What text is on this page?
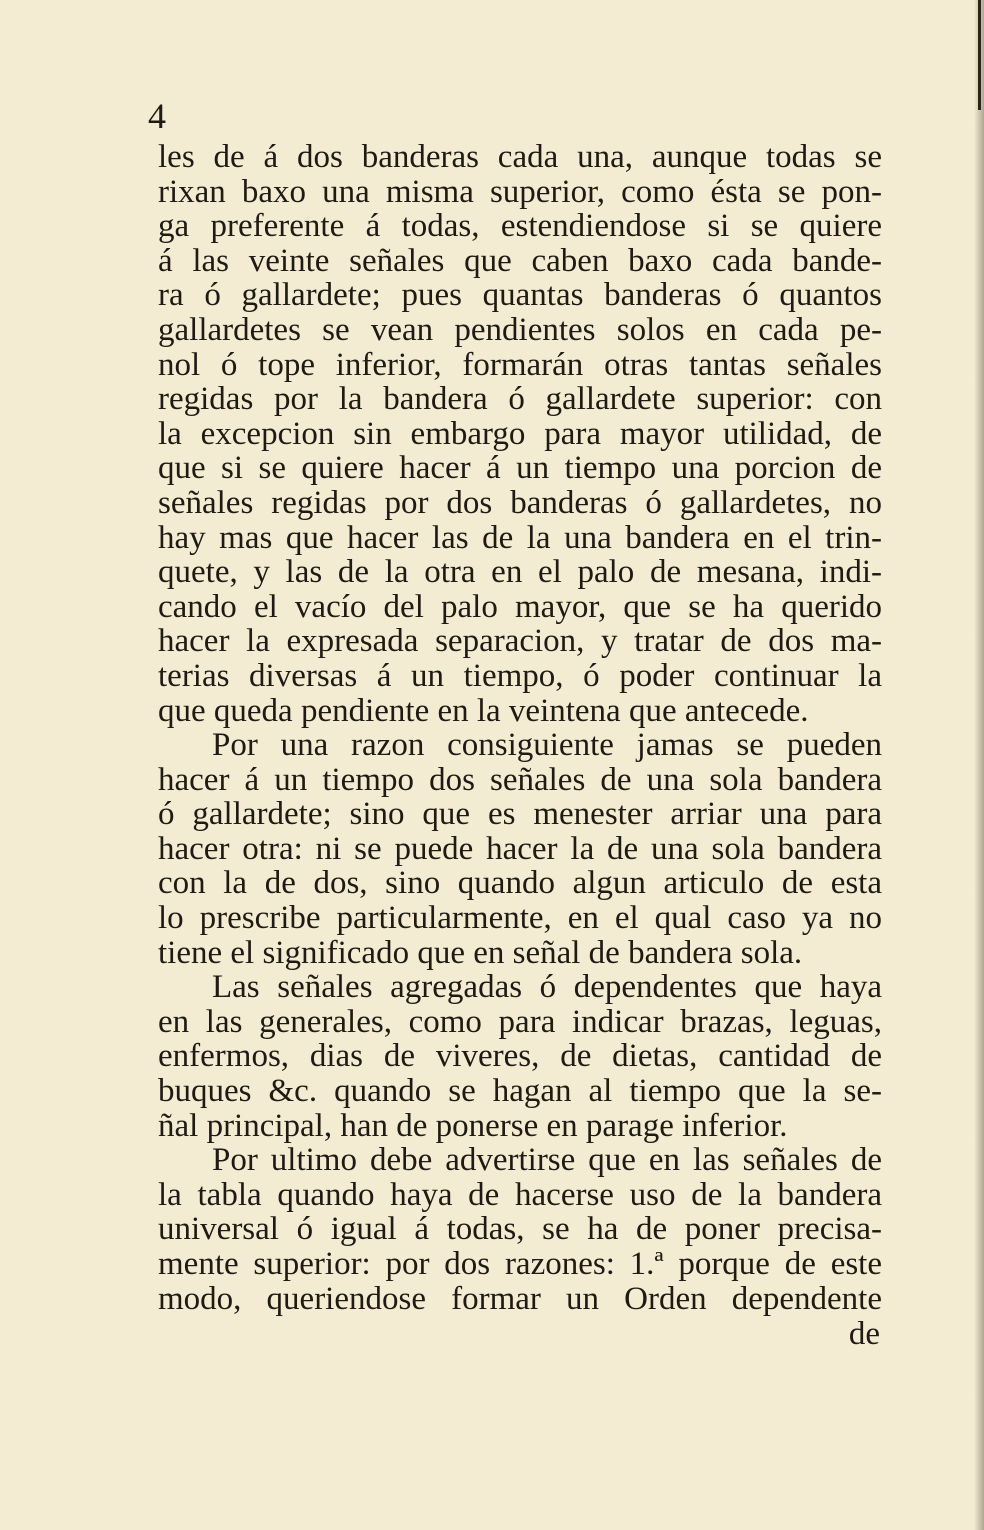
4
les de á dos banderas cada una, aunque todas se
rixan baxo una misma superior, como ésta se pon-
ga preferente á todas, estendiendose si se quiere
á las veinte señales que caben baxo cada bande-
ra ó gallardete; pues quantas banderas ó quantos
gallardetes se vean pendientes solos en cada pe-
nol ó tope inferior, formarán otras tantas señales
regidas por la bandera ó gallardete superior: con
la excepcion sin embargo para mayor utilidad, de
que si se quiere hacer á un tiempo una porcion de
señales regidas por dos banderas ó gallardetes, no
hay mas que hacer las de la una bandera en el trin-
quete, y las de la otra en el palo de mesana, indi-
cando el vacío del palo mayor, que se ha querido
hacer la expresada separacion, y tratar de dos ma-
terias diversas á un tiempo, ó poder continuar la
que queda pendiente en la veintena que antecede.
Por una razon consiguiente jamas se pueden
hacer á un tiempo dos señales de una sola bandera
ó gallardete; sino que es menester arriar una para
hacer otra: ni se puede hacer la de una sola bandera
con la de dos, sino quando algun articulo de esta
lo prescribe particularmente, en el qual caso ya no
tiene el significado que en señal de bandera sola.
Las señales agregadas ó dependentes que haya
en las generales, como para indicar brazas, leguas,
enfermos, dias de viveres, de dietas, cantidad de
buques &c. quando se hagan al tiempo que la se-
ñal principal, han de ponerse en parage inferior.
Por ultimo debe advertirse que en las señales de
la tabla quando haya de hacerse uso de la bandera
universal ó igual á todas, se ha de poner precisa-
mente superior: por dos razones: 1.ª porque de este
modo, queriendose formar un Orden dependente
de
